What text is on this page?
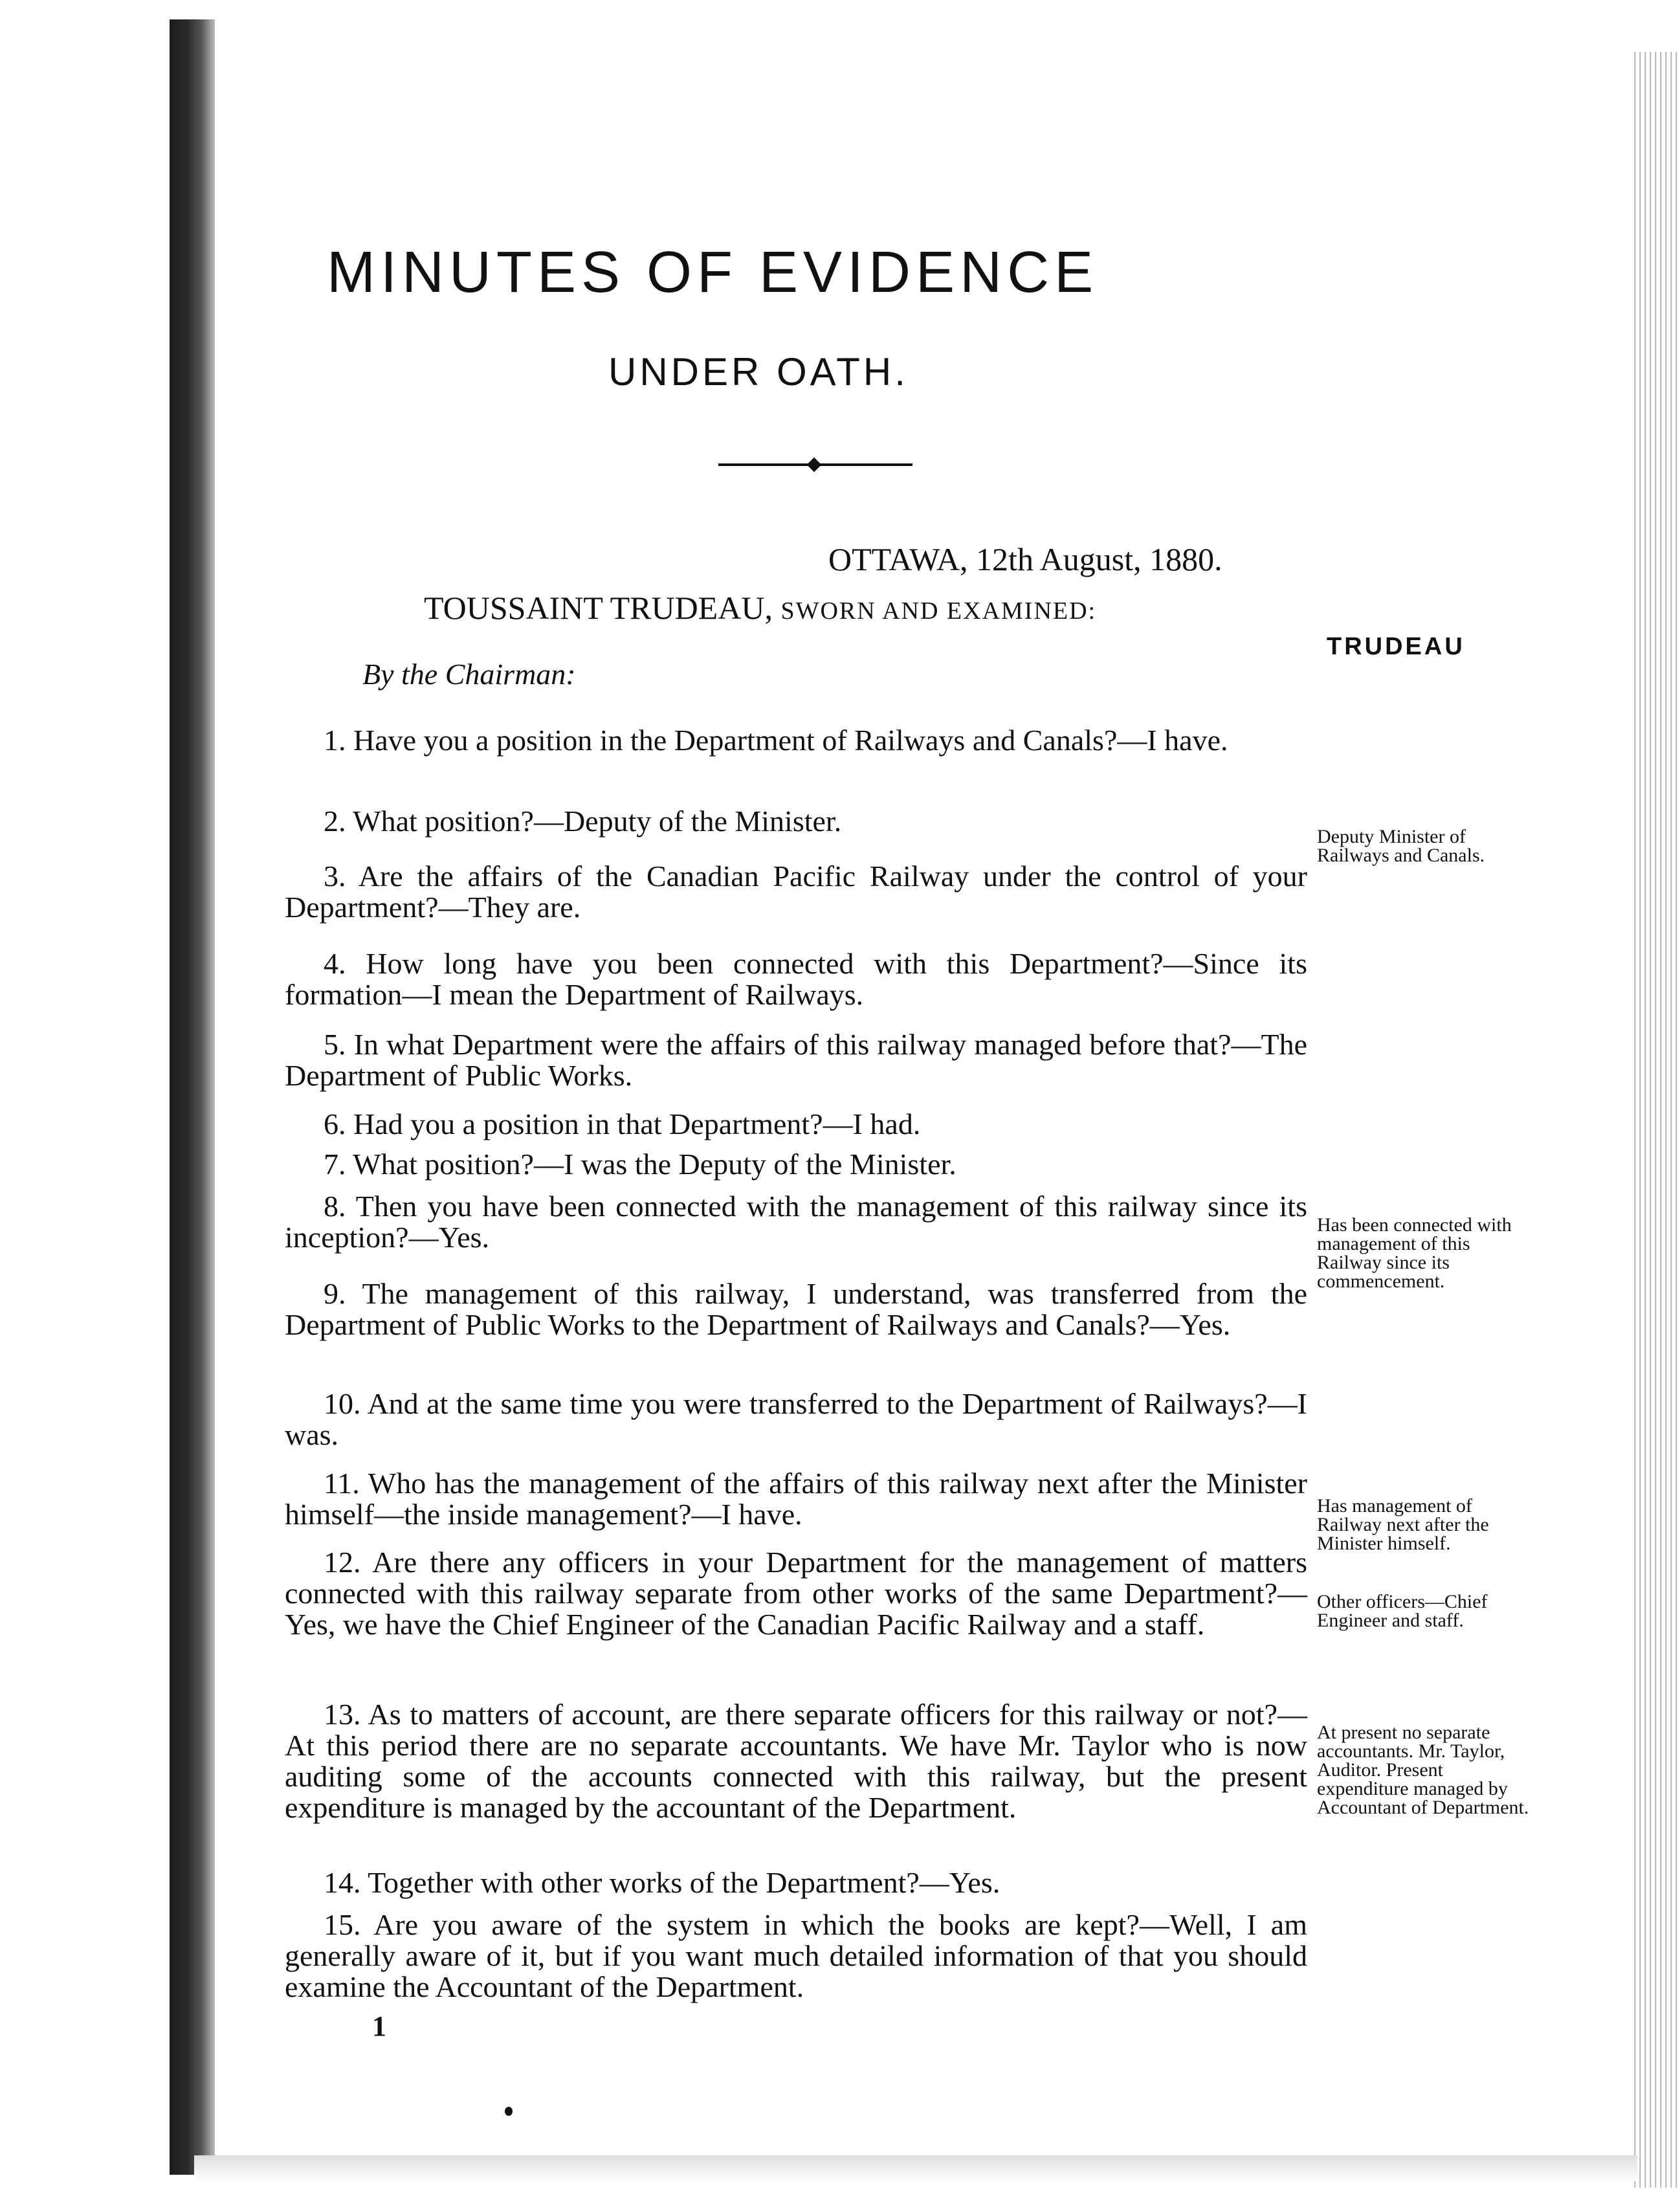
MINUTES OF EVIDENCE
UNDER OATH.
OTTAWA, 12th August, 1880.
TOUSSAINT TRUDEAU, SWORN AND EXAMINED:
By the Chairman:
TRUDEAU

1. Have you a position in the Department of Railways and Canals?—I have.

2. What position?—Deputy of the Minister.

3. Are the affairs of the Canadian Pacific Railway under the control of your Department?—They are.

4. How long have you been connected with this Department?—Since its formation—I mean the Department of Railways.

5. In what Department were the affairs of this railway managed before that?—The Department of Public Works.

6. Had you a position in that Department?—I had.

7. What position?—I was the Deputy of the Minister.

8. Then you have been connected with the management of this railway since its inception?—Yes.

9. The management of this railway, I understand, was transferred from the Department of Public Works to the Department of Railways and Canals?—Yes.

10. And at the same time you were transferred to the Department of Railways?—I was.

11. Who has the management of the affairs of this railway next after the Minister himself—the inside management?—I have.

12. Are there any officers in your Department for the management of matters connected with this railway separate from other works of the same Department?—Yes, we have the Chief Engineer of the Canadian Pacific Railway and a staff.

13. As to matters of account, are there separate officers for this railway or not?—At this period there are no separate accountants. We have Mr. Taylor who is now auditing some of the accounts connected with this railway, but the present expenditure is managed by the accountant of the Department.

14. Together with other works of the Department?—Yes.

15. Are you aware of the system in which the books are kept?—Well, I am generally aware of it, but if you want much detailed information of that you should examine the Accountant of the Department.

Deputy Minister of Railways and Canals.

Has been connected with management of this Railway since its commencement.

Has management of Railway next after the Minister himself.

Other officers—Chief Engineer and staff.

At present no separate accountants. Mr. Taylor, Auditor. Present expenditure managed by Accountant of Department.

1
